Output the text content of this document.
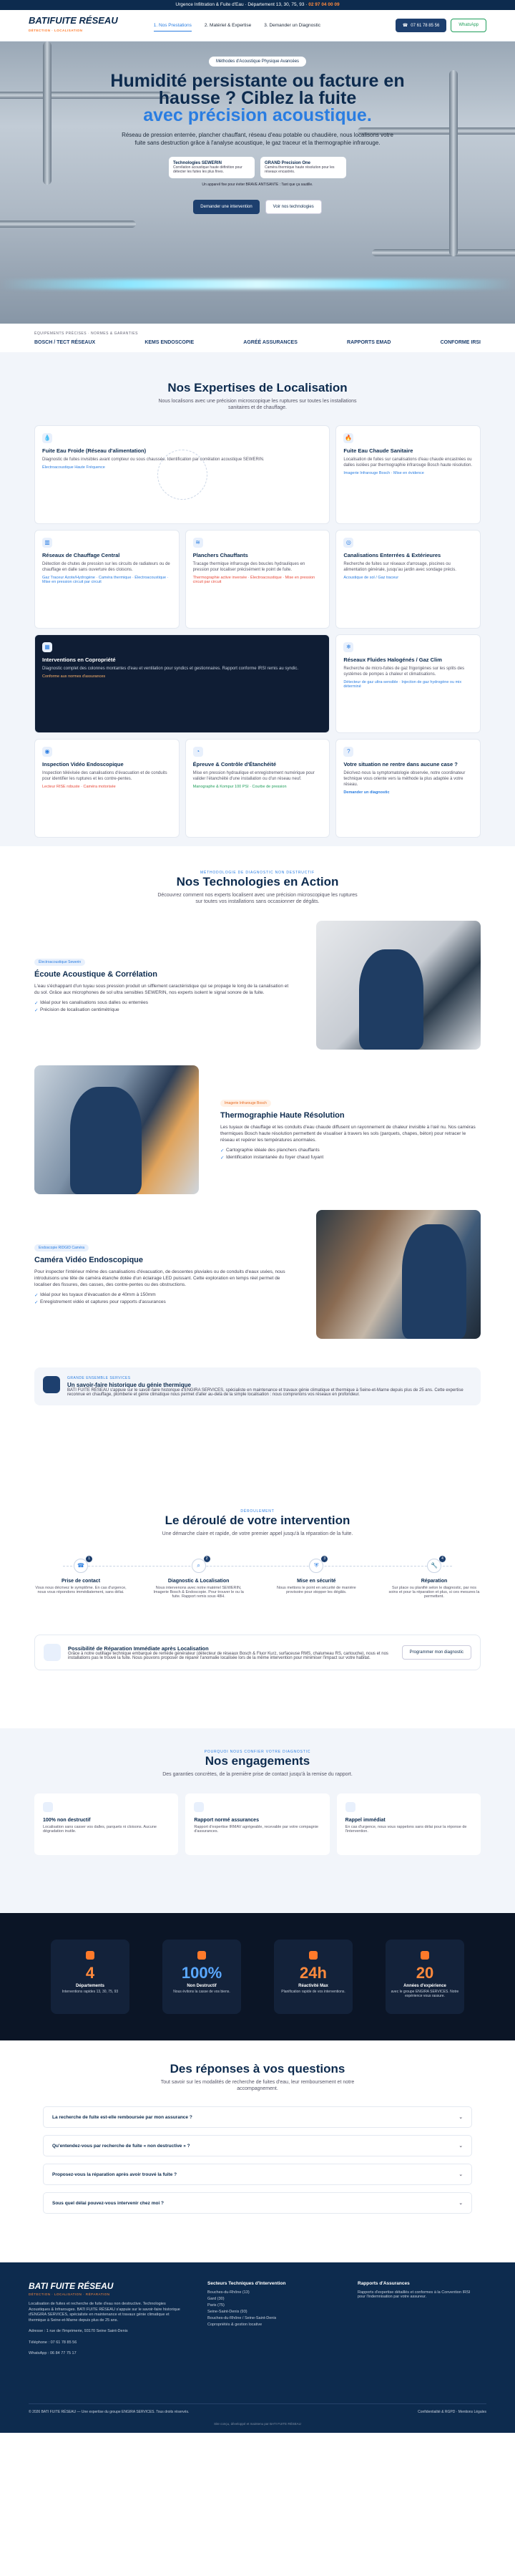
Urgence Infiltration & Fuite d'Eau · Département 13, 30, 75, 93 · 02 97 04 00 09
BATIFUITE RÉSEAU
DÉTECTION · LOCALISATION
1. Nos Prestations	2. Matériel & Expertise	3. Demander un Diagnostic	☎ 07 61 78 85 56	WhatsApp
Méthodes d'Acoustique Physique Avancées
Humidité persistante ou facture en hausse ? Ciblez la fuite
avec précision acoustique.

Réseau de pression enterrée, plancher chauffant, réseau d'eau potable ou chaudière, nous localisons votre fuite sans destruction grâce à l'analyse acoustique, le gaz traceur et la thermographie infrarouge.

Technologies SEWERIN
Corrélation acoustique haute définition pour détecter les fuites les plus fines.
GRAND Precision One
Caméra thermique haute résolution pour les réseaux encastrés.
Un appareil fixe pour éviter BRAVE ANTISANTE : Tant que ça sautille.
Demander une intervention	Voir nos technologies
ÉQUIPEMENTS PRÉCISES · NORMES & GARANTIES
BOSCH / TECT RÉSEAUX	KEMS ENDOSCOPIE	AGRÉÉ ASSURANCES	RAPPORTS EMAD	CONFORME IRSI
Nos Expertises de Localisation
Nous localisons avec une précision microscopique les ruptures sur toutes les installations sanitaires et de chauffage.
💧
Fuite Eau Froide (Réseau d'alimentation)

Diagnostic de fuites invisibles avant compteur ou sous chaussée. Identification par corrélation acoustique SEWERIN.

Électroacoustique Haute Fréquence
🔥
Fuite Eau Chaude Sanitaire

Localisation de fuites sur canalisations d'eau chaude encastrées ou dalles isolées par thermographie infrarouge Bosch haute résolution.

Imagerie Infrarouge Bosch · Mise en évidence
▥
Réseaux de Chauffage Central

Détection de chutes de pression sur les circuits de radiateurs ou de chauffage en dalle sans ouverture des cloisons.

Gaz Traceur Azote/Hydrogène · Caméra thermique · Électroacoustique · Mise en pression circuit par circuit
≋
Planchers Chauffants

Tracage thermique infrarouge des boucles hydrauliques en pression pour localiser précisément le point de fuite.

Thermographie active inversée · Électroacoustique · Mise en pression circuit par circuit
◎
Canalisations Enterrées & Extérieures

Recherche de fuites sur réseaux d'arrosage, piscines ou alimentation générale, jusqu'au jardin avec sondage précis.

Acoustique de sol / Gaz traceur
▦
Interventions en Copropriété

Diagnostic complet des colonnes montantes d'eau et ventilation pour syndics et gestionnaires. Rapport conforme IRSI remis au syndic.

Conforme aux normes d'assurances
❄
Réseaux Fluides Halogénés / Gaz Clim

Recherche de micro-fuites de gaz frigorigènes sur les splits des systèmes de pompes à chaleur et climatisations.

Détecteur de gaz ultra-sensible · Injection de gaz hydrogène ou mix déterminé
◉
Inspection Vidéo Endoscopique

Inspection télévisée des canalisations d'évacuation et de conduits pour identifier les ruptures et les contre-pentes.

Lecteur RISE robuste · Caméra motorisée
◔
Épreuve & Contrôle d'Étanchéité

Mise en pression hydraulique et enregistrement numérique pour valider l'étanchéité d'une installation ou d'un réseau neuf.

Manographe & Kompur 100 PSI · Courbe de pression
?
Votre situation ne rentre dans aucune case ?

Décrivez-nous la symptomatologie observée, notre coordinateur technique vous oriente vers la méthode la plus adaptée à votre réseau.

Demander un diagnostic
MÉTHODOLOGIE DE DIAGNOSTIC NON DESTRUCTIF
Nos Technologies en Action
Découvrez comment nos experts localisent avec une précision microscopique les ruptures sur toutes vos installations sans occasionner de dégâts.
Électroacoustique Sewerin
Écoute Acoustique & Corrélation

L'eau s'échappant d'un tuyau sous pression produit un sifflement caractéristique qui se propage le long de la canalisation et du sol. Grâce aux microphones de sol ultra sensibles SEWERIN, nos experts isolent le signal sonore de la fuite.

✓ Idéal pour les canalisations sous dalles ou enterrées
✓ Précision de localisation centimétrique
Imagerie Infrarouge Bosch
Thermographie Haute Résolution

Les tuyaux de chauffage et les conduits d'eau chaude diffusent un rayonnement de chaleur invisible à l'œil nu. Nos caméras thermiques Bosch haute résolution permettent de visualiser à travers les sols (parquets, chapes, béton) pour retracer le réseau et repérer les températures anormales.

✓ Cartographie idéale des planchers chauffants
✓ Identification instantanée du foyer chaud fuyant
Endoscopie RIDGID Caméra
Caméra Vidéo Endoscopique

Pour inspecter l'intérieur même des canalisations d'évacuation, de descentes pluviales ou de conduits d'eaux usées, nous introduisons une tête de caméra étanche dotée d'un éclairage LED puissant. Cette exploration en temps réel permet de localiser des fissures, des casses, des contre-pentes ou des obstructions.

✓ Idéal pour les tuyaux d'évacuation de ø 40mm à 150mm
✓ Enregistrement vidéo et captures pour rapports d'assurances
GRANDE ENSEMBLE SERVICES
Un savoir-faire historique du génie thermique

BATI FUITE RÉSEAU s'appuie sur le savoir-faire historique d'ENGIRA SERVICES, spécialiste en maintenance et travaux génie climatique et thermique à Seine-et-Marne depuis plus de 25 ans. Cette expertise reconnue en chauffage, plomberie et génie climatique nous permet d'aller au-delà de la simple localisation : nous comprenons vos réseaux en profondeur.

DÉROULEMENT
Le déroulé de votre intervention
Une démarche claire et rapide, de votre premier appel jusqu'à la réparation de la fuite.
☎
1
Prise de contact

Vous nous décrivez le symptôme. En cas d'urgence, nous vous répondons immédiatement, sans délai.

⌕
2
Diagnostic & Localisation

Nous intervenons avec notre matériel SEWERIN, Imagerie Bosch & Endoscopie. Pour trouver le ou la fuite. Rapport remis sous 48H.

⛨
3
Mise en sécurité

Nous mettons le point en sécurité de manière provisoire pour stopper les dégâts.

🔧
4
Réparation

Sur place ou planifié selon le diagnostic, par nos soins et pour la réparation et plus, si ces mesures la permettent.

Possibilité de Réparation Immédiate après Localisation

Grâce à notre outillage technique embarqué de remède générateur (détecteur de réseaux Bosch & Fluor Kurz, surfaceuse RMS, chalumeau RS, cartouche), nous et nos installations pas le trouvé la fuite. Nous pouvons proposer de réparer l'anomalie localisée lors de la même intervention pour minimiser l'impact sur votre habitat.

Programmer mon diagnostic
POURQUOI NOUS CONFIER VOTRE DIAGNOSTIC
Nos engagements
Des garanties concrètes, de la première prise de contact jusqu'à la remise du rapport.
100% non destructif

Localisation sans casser vos dalles, parquets ni cloisons. Aucune dégradation inutile.

Rapport normé assurances

Rapport d'expertise IRMAV agrégeable, recevable par votre compagnie d'assurances.

Rappel immédiat

En cas d'urgence, nous vous rappelons sans délai pour la réponse de l'intervention.

4
Départements
Interventions rapides 13, 30, 75, 93
100%
Non Destructif
Nous évitons la casse de vos biens.
24h
Réactivité Max
Planification rapide de vos interventions.
20
Années d'expérience
avec le groupe ENGIRA SERVICES. Notre expérience vous rassure.
Des réponses à vos questions
Tout savoir sur les modalités de recherche de fuites d'eau, leur remboursement et notre accompagnement.
La recherche de fuite est-elle remboursée par mon assurance ?	⌄
Qu'entendez-vous par recherche de fuite « non destructive » ?	⌄
Proposez-vous la réparation après avoir trouvé la fuite ?	⌄
Sous quel délai pouvez-vous intervenir chez moi ?	⌄
BATI FUITE RÉSEAU
DÉTECTION · LOCALISATION · RÉPARATION

Localisation de fuites et recherche de fuite d'eau non destructive. Technologies Acoustiques & Infrarouges. BATI FUITE RÉSEAU s'appuie sur le savoir-faire historique d'ENGIRA SERVICES, spécialiste en maintenance et travaux génie climatique et thermique à Seine-et-Marne depuis plus de 25 ans.

Adresse : 1 rue de l'Imprimerie, 93170 Seine Saint-Denis

Téléphone : 07 61 78 85 56

WhatsApp : 06 84 77 75 17

Secteurs Techniques d'Intervention
Bouches-du-Rhône (13)
Gard (30)
Paris (75)
Seine-Saint-Denis (93)
Bouches-du-Rhône / Seine-Saint-Denis
Copropriétés & gestion locative
Rapports d'Assurances
Rapports d'expertise détaillés et conformes à la Convention IRSI pour l'indemnisation par votre assureur.
© 2026 BATI FUITE RÉSEAU — Une expertise du groupe ENGIRA SERVICES. Tous droits réservés.	Confidentialité & RGPD · Mentions Légales
Site conçu, développé et maintenu par BATI FUITE RÉSEAU
